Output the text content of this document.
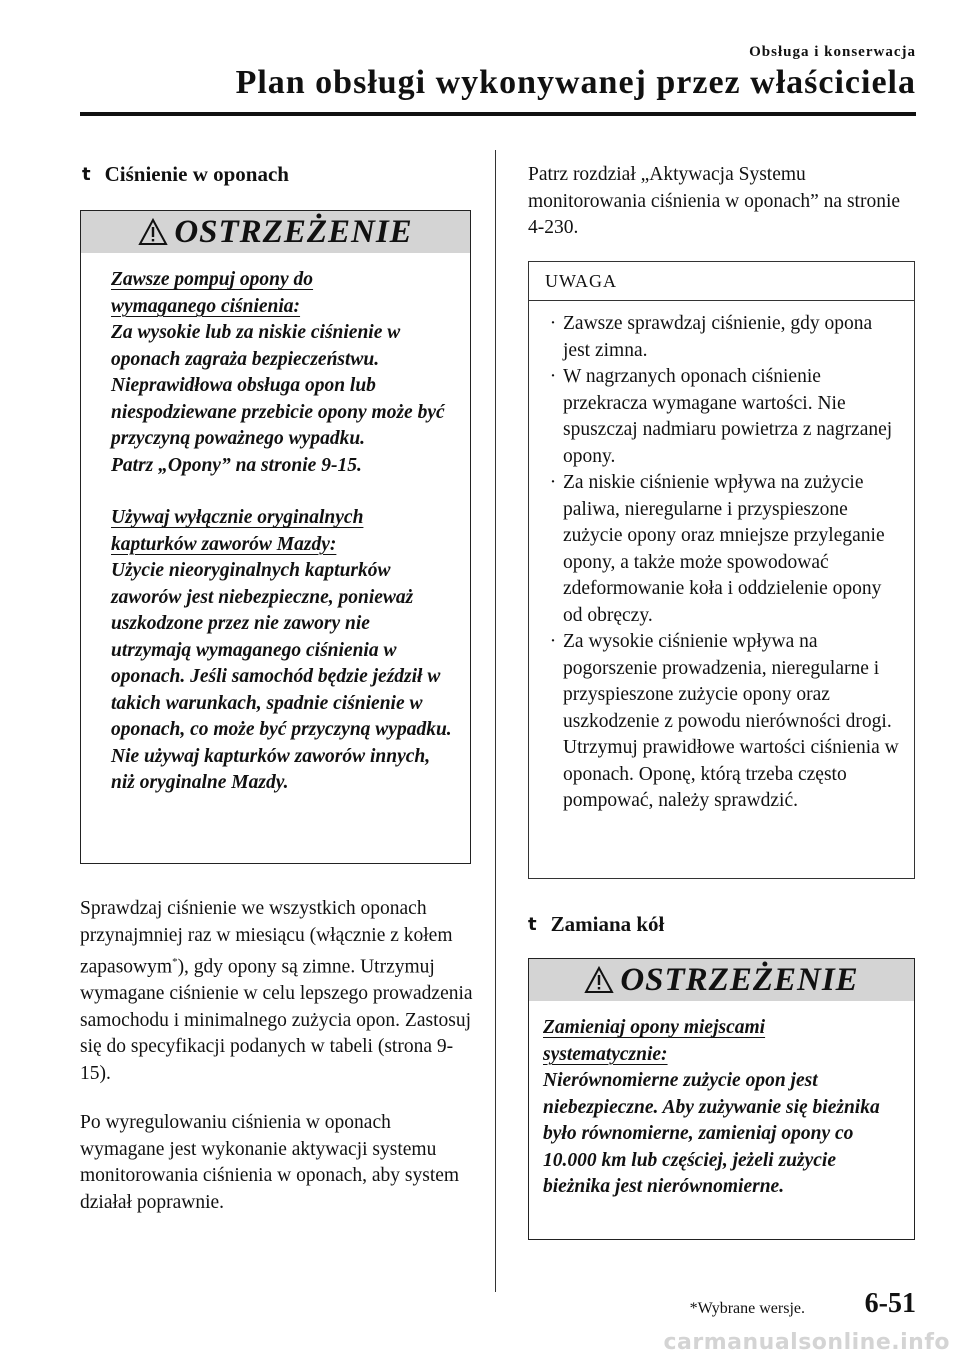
Obsługa i konserwacja
Plan obsługi wykonywanej przez właściciela
t Ciśnienie w oponach
OSTRZEŻENIE
Zawsze pompuj opony do
wymaganego ciśnienia:
Za wysokie lub za niskie ciśnienie w oponach zagraża bezpieczeństwu. Nieprawidłowa obsługa opon lub niespodziewane przebicie opony może być przyczyną poważnego wypadku.
Patrz „Opony” na stronie 9-15.
Używaj wyłącznie oryginalnych
kapturków zaworów Mazdy:
Użycie nieoryginalnych kapturków zaworów jest niebezpieczne, ponieważ uszkodzone przez nie zawory nie utrzymają wymaganego ciśnienia w oponach. Jeśli samochód będzie jeździł w takich warunkach, spadnie ciśnienie w oponach, co może być przyczyną wypadku. Nie używaj kapturków zaworów innych, niż oryginalne Mazdy.
Sprawdzaj ciśnienie we wszystkich oponach przynajmniej raz w miesiącu (włącznie z kołem zapasowym*), gdy opony są zimne. Utrzymuj wymagane ciśnienie w celu lepszego prowadzenia samochodu i minimalnego zużycia opon. Zastosuj się do specyfikacji podanych w tabeli (strona 9-15).
Po wyregulowaniu ciśnienia w oponach wymagane jest wykonanie aktywacji systemu monitorowania ciśnienia w oponach, aby system działał poprawnie.
Patrz rozdział „Aktywacja Systemu monitorowania ciśnienia w oponach” na stronie 4-230.
UWAGA
· Zawsze sprawdzaj ciśnienie, gdy opona jest zimna.
· W nagrzanych oponach ciśnienie przekracza wymagane wartości. Nie spuszczaj nadmiaru powietrza z nagrzanej opony.
· Za niskie ciśnienie wpływa na zużycie paliwa, nieregularne i przyspieszone zużycie opony oraz mniejsze przyleganie opony, a także może spowodować zdeformowanie koła i oddzielenie opony od obręczy.
· Za wysokie ciśnienie wpływa na pogorszenie prowadzenia, nieregularne i przyspieszone zużycie opony oraz uszkodzenie z powodu nierówności drogi.
Utrzymuj prawidłowe wartości ciśnienia w oponach. Oponę, którą trzeba często pompować, należy sprawdzić.
t Zamiana kół
OSTRZEŻENIE
Zamieniaj opony miejscami
systematycznie:
Nierównomierne zużycie opon jest niebezpieczne. Aby zużywanie się bieżnika było równomierne, zamieniaj opony co 10.000 km lub częściej, jeżeli zużycie bieżnika jest nierównomierne.
*Wybrane wersje. 6-51
carmanualsonline.info
